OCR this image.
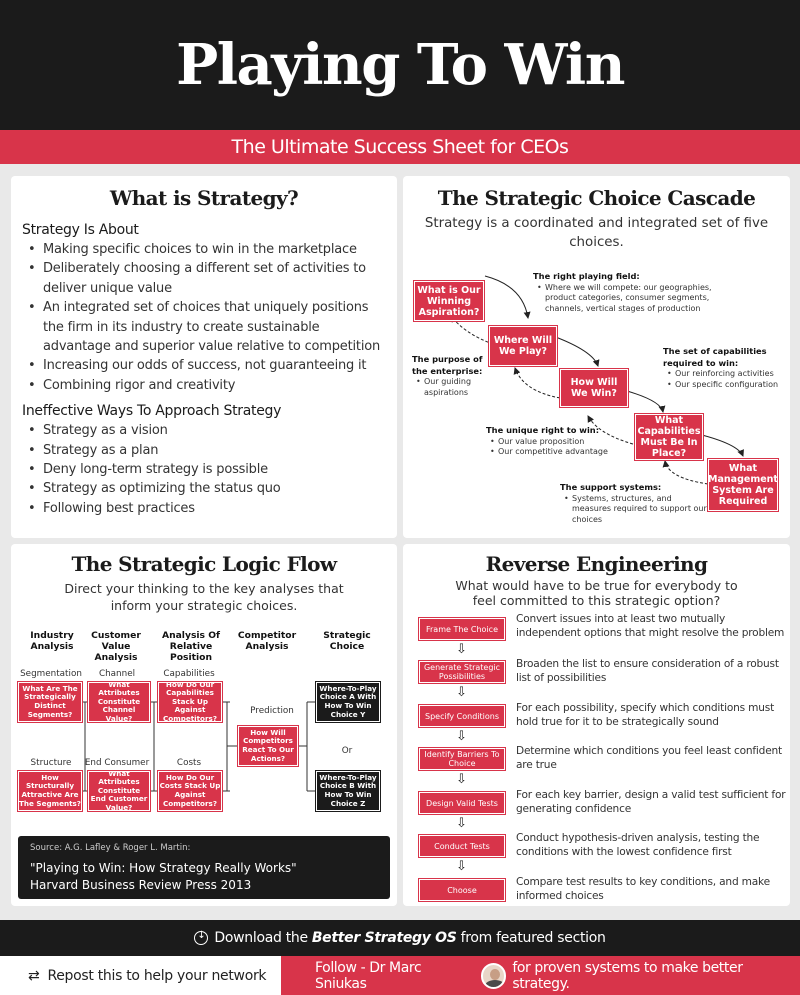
Playing To Win
The Ultimate Success Sheet for CEOs
What is Strategy?
Strategy Is About
• Making specific choices to win in the marketplace
• Deliberately choosing a different set of activities to deliver unique value
• An integrated set of choices that uniquely positions the firm in its industry to create sustainable advantage and superior value relative to competition
• Increasing our odds of success, not guaranteeing it
• Combining rigor and creativity
Ineffective Ways To Approach Strategy
• Strategy as a vision
• Strategy as a plan
• Deny long-term strategy is possible
• Strategy as optimizing the status quo
• Following best practices
The Strategic Choice Cascade
Strategy is a coordinated and integrated set of five choices.
What is Our Winning Aspiration?
Where Will We Play?
How Will We Win?
What Capabilities Must Be In Place?
What Management System Are Required
The right playing field:
• Where we will compete: our geographies, product categories, consumer segments, channels, vertical stages of production
The purpose of the enterprise:
• Our guiding aspirations
The set of capabilities required to win:
• Our reinforcing activities
• Our specific configuration
The unique right to win:
• Our value proposition
• Our competitive advantage
The support systems:
• Systems, structures, and measures required to support our choices
The Strategic Logic Flow
Direct your thinking to the key analyses that inform your strategic choices.
Industry Analysis
Customer Value Analysis
Analysis Of Relative Position
Competitor Analysis
Strategic Choice
Segmentation	Channel	Capabilities
Prediction
Structure	End Consumer	Costs
Or
What Are The Strategically Distinct Segments?
What Attributes Constitute Channel Value?
How Do Our Capabilities Stack Up Against Competitors?
How Will Competitors React To Our Actions?
Where-To-Play Choice A With How To Win Choice Y
How Structurally Attractive Are The Segments?
What Attributes Constitute End Customer Value?
How Do Our Costs Stack Up Against Competitors?
Where-To-Play Choice B With How To Win Choice Z
Source: A.G. Lafley & Roger L. Martin:
"Playing to Win: How Strategy Really Works"
Harvard Business Review Press 2013
Reverse Engineering
What would have to be true for everybody to feel committed to this strategic option?
Frame The Choice
Convert issues into at least two mutually independent options that might resolve the problem
⇩
Generate Strategic Possibilities
Broaden the list to ensure consideration of a robust list of possibilities
⇩
Specify Conditions
For each possibility, specify which conditions must hold true for it to be strategically sound
⇩
Identify Barriers To Choice
Determine which conditions you feel least confident are true
⇩
Design Valid Tests
For each key barrier, design a valid test sufficient for generating confidence
⇩
Conduct Tests
Conduct hypothesis-driven analysis, testing the conditions with the lowest confidence first
⇩
Choose
Compare test results to key conditions, and make informed choices
↓
Download the Better Strategy OS from featured section
⇄ Repost this to help your network	Follow - Dr Marc Sniukas
for proven systems to make better strategy.
